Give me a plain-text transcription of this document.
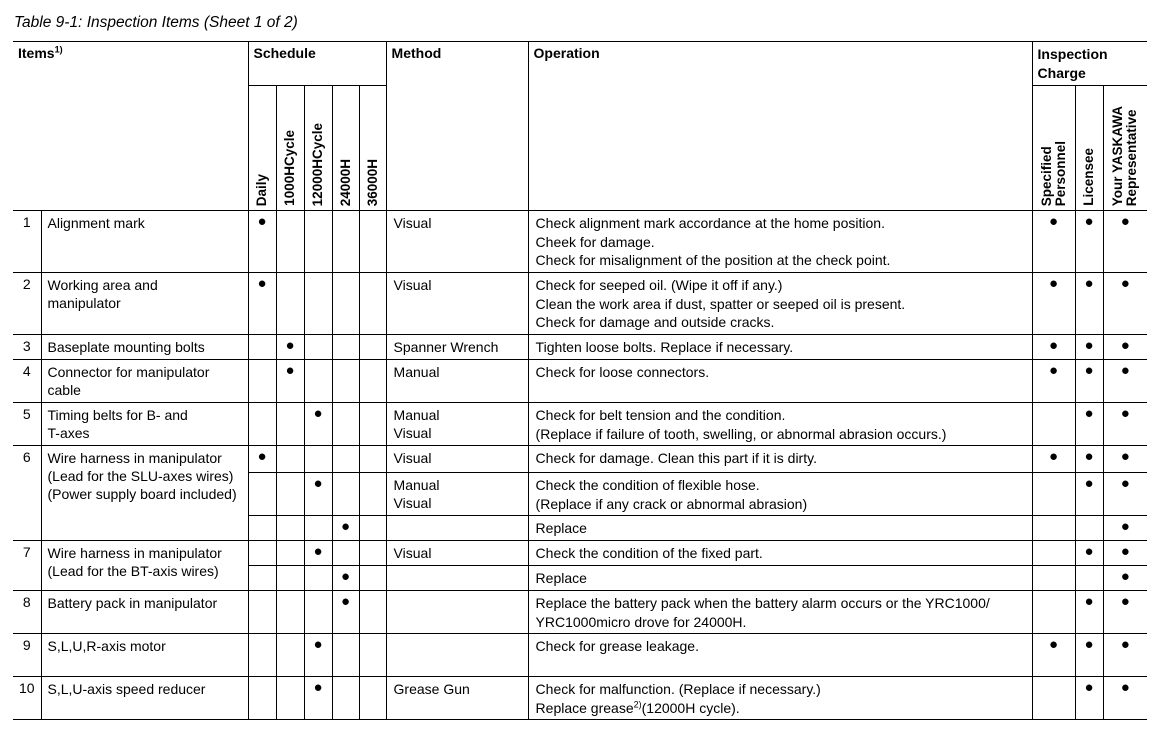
Table 9-1: Inspection Items (Sheet 1 of 2)
Items$^{1)}$		Schedule					Method	Operation	Inspection Charge		

		Daily	1000HCycle	12000HCycle	24000H	36000H			Specified Personnel	Licensee	Your YASKAWA Representative

1	Alignment mark	●					Visual	Check alignment mark accordance at the home position.
Cheek for damage.
Check for misalignment of the position at the check point.	●	●	●
2	Working area and
manipulator	●					Visual	Check for seeped oil. (Wipe it off if any.)
Clean the work area if dust, spatter or seeped oil is present.
Check for damage and outside cracks.	●	●	●
3	Baseplate mounting bolts		●				Spanner Wrench	Tighten loose bolts. Replace if necessary.	●	●	●
4	Connector for manipulator
cable		●				Manual	Check for loose connectors.	●	●	●
5	Timing belts for B- and
T-axes			●			Manual
Visual	Check for belt tension and the condition.
(Replace if failure of tooth, swelling, or abnormal abrasion occurs.)		●	●
6	Wire harness in manipulator
(Lead for the SLU-axes wires)
(Power supply board included)	●					Visual	Check for damage. Clean this part if it is dirty.	●	●	●
				●			Manual
Visual	Check the condition of flexible hose.
(Replace if any crack or abnormal abrasion)		●	●
					●			Replace			●
7	Wire harness in manipulator
(Lead for the BT-axis wires)			●			Visual	Check the condition of the fixed part.		●	●
					●			Replace			●
8	Battery pack in manipulator				●			Replace the battery pack when the battery alarm occurs or the YRC1000/
YRC1000micro drove for 24000H.		●	●
9	S,L,U,R-axis motor			●				Check for grease leakage.	●	●	●
10	S,L,U-axis speed reducer			●			Grease Gun	Check for malfunction. (Replace if necessary.)
Replace grease$^{2)}$(12000H cycle).		●	●
